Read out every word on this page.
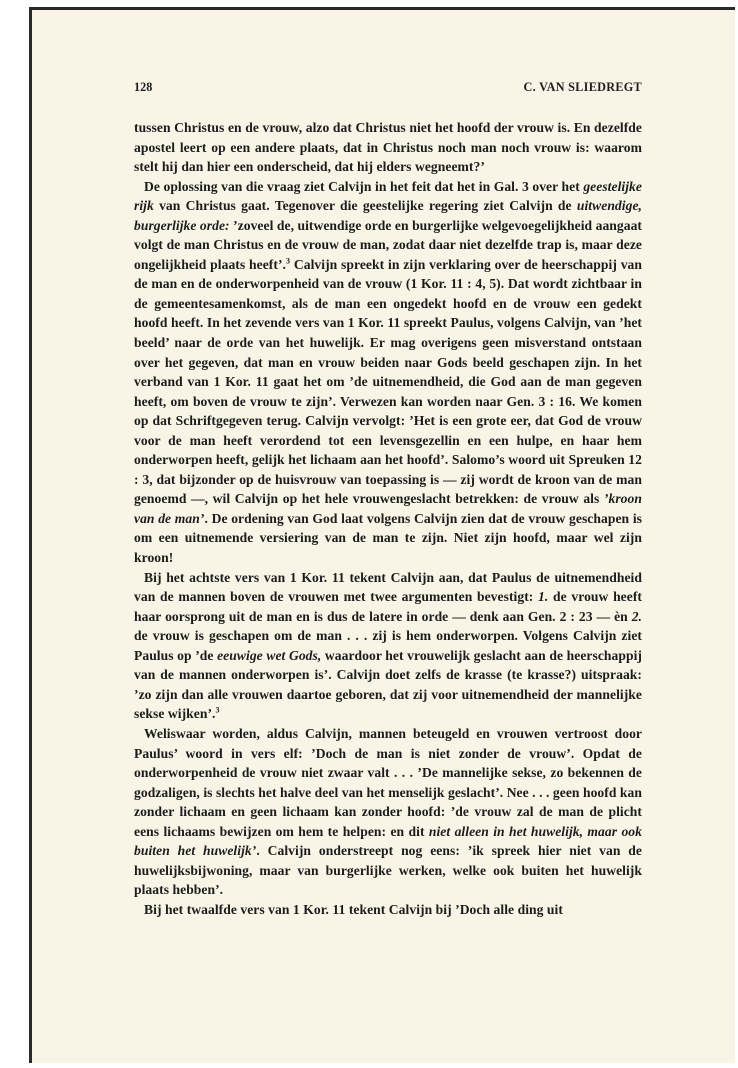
128	C. VAN SLIEDREGT

tussen Christus en de vrouw, alzo dat Christus niet het hoofd der vrouw is. En dezelfde apostel leert op een andere plaats, dat in Christus noch man noch vrouw is: waarom stelt hij dan hier een onderscheid, dat hij elders wegneemt?’

De oplossing van die vraag ziet Calvijn in het feit dat het in Gal. 3 over het geestelijke rijk van Christus gaat. Tegenover die geestelijke regering ziet Calvijn de uitwendige, burgerlijke orde: ’zoveel de, uitwendige orde en burgerlijke welgevoegelijkheid aangaat volgt de man Christus en de vrouw de man, zodat daar niet dezelfde trap is, maar deze ongelijkheid plaats heeft’.$^3$ Calvijn spreekt in zijn verklaring over de heerschappij van de man en de onderworpenheid van de vrouw (1 Kor. 11 : 4, 5). Dat wordt zichtbaar in de gemeentesamenkomst, als de man een ongedekt hoofd en de vrouw een gedekt hoofd heeft. In het zevende vers van 1 Kor. 11 spreekt Paulus, volgens Calvijn, van ’het beeld’ naar de orde van het huwelijk. Er mag overigens geen misverstand ontstaan over het gegeven, dat man en vrouw beiden naar Gods beeld geschapen zijn. In het verband van 1 Kor. 11 gaat het om ’de uitnemendheid, die God aan de man gegeven heeft, om boven de vrouw te zijn’. Verwezen kan worden naar Gen. 3 : 16. We komen op dat Schriftgegeven terug. Calvijn vervolgt: ’Het is een grote eer, dat God de vrouw voor de man heeft verordend tot een levensgezellin en een hulpe, en haar hem onderworpen heeft, gelijk het lichaam aan het hoofd’. Salomo’s woord uit Spreuken 12 : 3, dat bijzonder op de huisvrouw van toepassing is — zij wordt de kroon van de man genoemd —, wil Calvijn op het hele vrouwengeslacht betrekken: de vrouw als ’kroon van de man’. De ordening van God laat volgens Calvijn zien dat de vrouw geschapen is om een uitnemende versiering van de man te zijn. Niet zijn hoofd, maar wel zijn kroon!

Bij het achtste vers van 1 Kor. 11 tekent Calvijn aan, dat Paulus de uitnemendheid van de mannen boven de vrouwen met twee argumenten bevestigt: 1. de vrouw heeft haar oorsprong uit de man en is dus de latere in orde — denk aan Gen. 2 : 23 — èn 2. de vrouw is geschapen om de man . . . zij is hem onderworpen. Volgens Calvijn ziet Paulus op ’de eeuwige wet Gods, waardoor het vrouwelijk geslacht aan de heerschappij van de mannen onderworpen is’. Calvijn doet zelfs de krasse (te krasse?) uitspraak: ’zo zijn dan alle vrouwen daartoe geboren, dat zij voor uitnemendheid der mannelijke sekse wijken’.$^3$

Weliswaar worden, aldus Calvijn, mannen beteugeld en vrouwen vertroost door Paulus’ woord in vers elf: ’Doch de man is niet zonder de vrouw’. Opdat de onderworpenheid de vrouw niet zwaar valt . . . ’De mannelijke sekse, zo bekennen de godzaligen, is slechts het halve deel van het menselijk geslacht’. Nee . . . geen hoofd kan zonder lichaam en geen lichaam kan zonder hoofd: ’de vrouw zal de man de plicht eens lichaams bewijzen om hem te helpen: en dit niet alleen in het huwelijk, maar ook buiten het huwelijk’. Calvijn onderstreept nog eens: ’ik spreek hier niet van de huwelijksbijwoning, maar van burgerlijke werken, welke ook buiten het huwelijk plaats hebben’.

Bij het twaalfde vers van 1 Kor. 11 tekent Calvijn bij ’Doch alle ding uit
